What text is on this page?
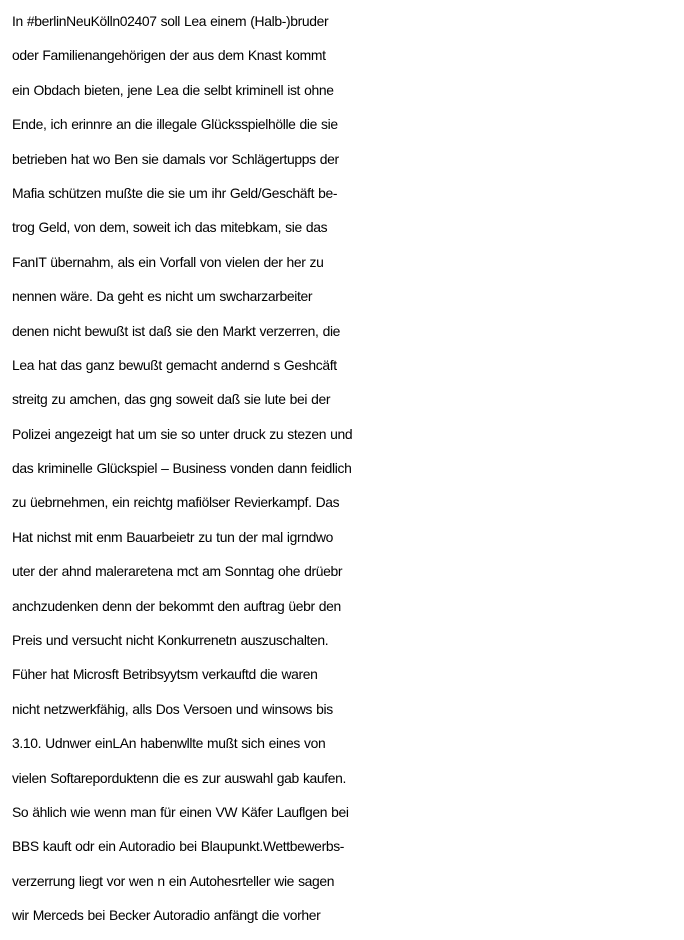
In #berlinNeuKölln02407 soll Lea einem (Halb-)bruder
oder Familienangehörigen der aus dem Knast kommt
ein Obdach bieten, jene Lea die selbt kriminell ist ohne
Ende, ich erinnre an die illegale Glücksspielhölle die sie
betrieben hat wo Ben sie damals vor Schlägertupps der
Mafia schützen mußte die sie um ihr Geld/Geschäft be-
trog Geld, von dem, soweit ich das mitebkam, sie das
FanIT übernahm, als ein Vorfall von vielen der her zu
nennen wäre. Da geht es nicht um swcharzarbeiter
denen nicht bewußt ist daß sie den Markt verzerren, die
Lea hat das ganz bewußt gemacht andernd s Geshcäft
streitg zu amchen, das gng soweit daß sie lute bei der
Polizei angezeigt hat um sie so unter druck zu stezen und
das kriminelle Glückspiel – Business vonden dann feidlich
zu üebrnehmen, ein reichtg mafiölser Revierkampf. Das
Hat nichst mit enm Bauarbeietr zu tun der mal igrndwo
uter der ahnd maleraretena mct am Sonntag ohe drüebr
anchzudenken denn der bekommt den auftrag üebr den
Preis und versucht nicht Konkurrenetn auszuschalten.
Füher hat Microsft Betribsyytsm verkauftd die waren
nicht netzwerkfähig, alls Dos Versoen und winsows bis
3.10. Udnwer einLAn habenwllte mußt sich eines von
vielen Softareporduktenn die es zur auswahl gab kaufen.
So ählich wie wenn man für einen VW Käfer Lauflgen bei
BBS kauft odr ein Autoradio bei Blaupunkt.Wettbewerbs-
verzerrung liegt vor wen n ein Autohesrteller wie sagen
wir Merceds bei Becker Autoradio anfängt die vorher
